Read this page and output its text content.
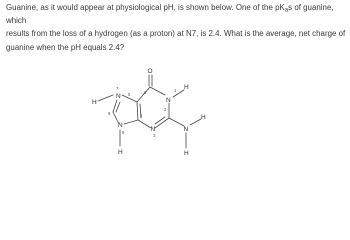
Guanine, as it would appear at physiological pH, is shown below. One of the $pK_as$ of guanine, which
results from the loss of a hydrogen (as a proton) at N7, is 2.4. What is the average, net charge of
guanine when the pH equals 2.4?

O
N
N
N
N
N
H
H
H
H
H
1
2
3
4
5	6
7
8
9
